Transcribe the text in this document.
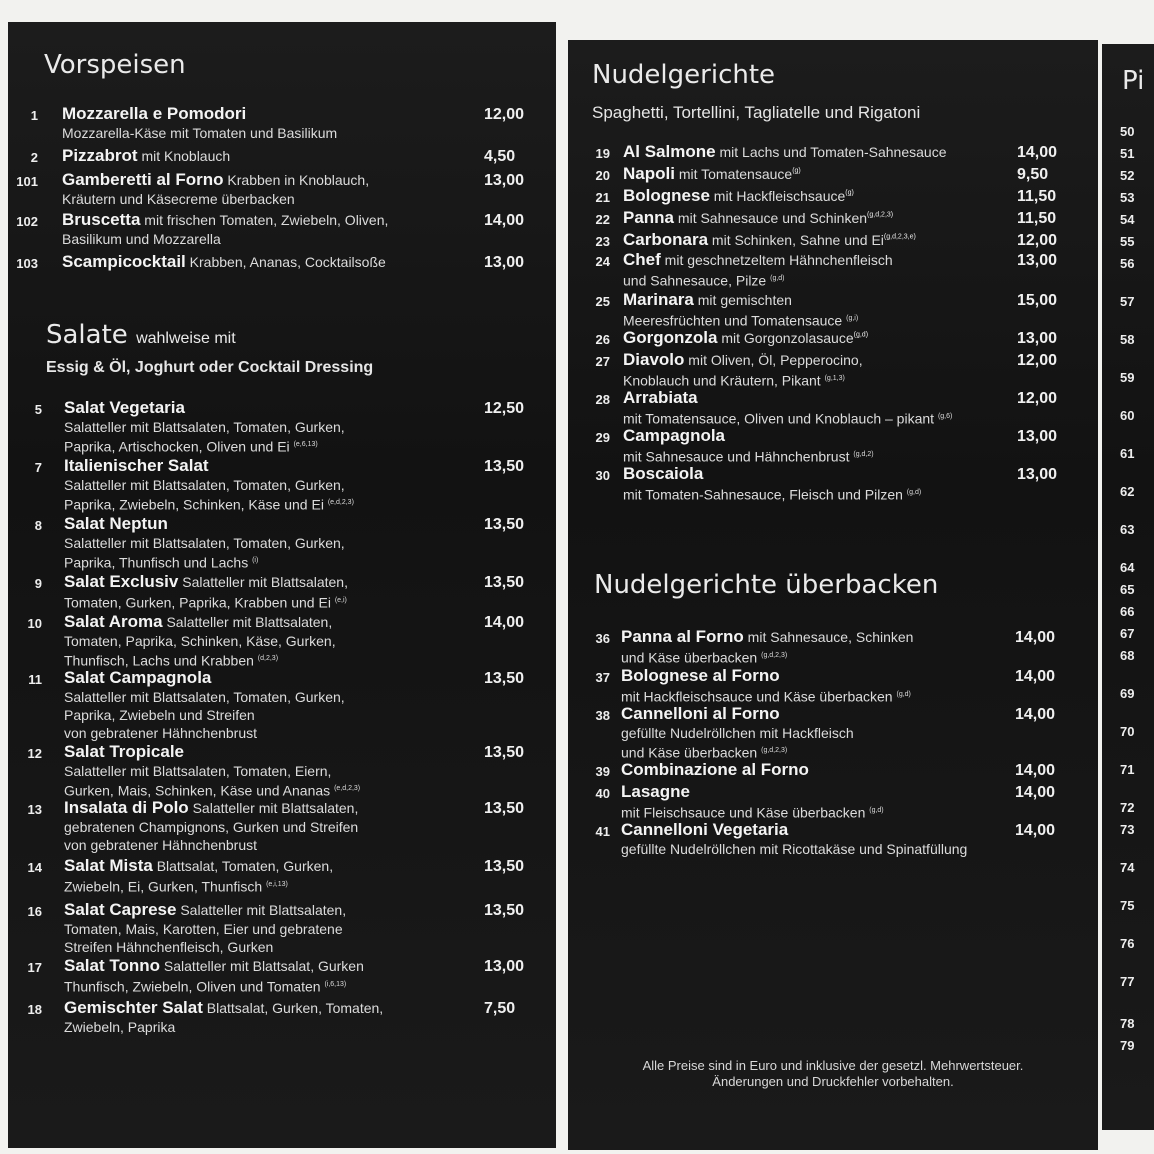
Vorspeisen
1 Mozzarella e Pomodori
Mozzarella-Käse mit Tomaten und Basilikum
12,00
2 Pizzabrot mit Knoblauch	4,50
101 Gamberetti al Forno Krabben in Knoblauch,
Kräutern und Käsecreme überbacken
13,00
102 Bruscetta mit frischen Tomaten, Zwiebeln, Oliven,
Basilikum und Mozzarella
14,00
103 Scampicocktail Krabben, Ananas, Cocktailsoße	13,00
Salate wahlweise mit
Essig & Öl, Joghurt oder Cocktail Dressing
5 Salat Vegetaria
Salatteller mit Blattsalaten, Tomaten, Gurken,
Paprika, Artischocken, Oliven und Ei $^{(e,6,13)}$
12,50
7 Italienischer Salat
Salatteller mit Blattsalaten, Tomaten, Gurken,
Paprika, Zwiebeln, Schinken, Käse und Ei $^{(e,d,2,3)}$
13,50
8 Salat Neptun
Salatteller mit Blattsalaten, Tomaten, Gurken,
Paprika, Thunfisch und Lachs $^{(i)}$
13,50
9 Salat Exclusiv Salatteller mit Blattsalaten,
Tomaten, Gurken, Paprika, Krabben und Ei $^{(e,i)}$
13,50
10 Salat Aroma Salatteller mit Blattsalaten,
Tomaten, Paprika, Schinken, Käse, Gurken,
Thunfisch, Lachs und Krabben $^{(d,2,3)}$
14,00
11 Salat Campagnola
Salatteller mit Blattsalaten, Tomaten, Gurken,
Paprika, Zwiebeln und Streifen
von gebratener Hähnchenbrust
13,50
12 Salat Tropicale
Salatteller mit Blattsalaten, Tomaten, Eiern,
Gurken, Mais, Schinken, Käse und Ananas $^{(e,d,2,3)}$
13,50
13 Insalata di Polo Salatteller mit Blattsalaten,
gebratenen Champignons, Gurken und Streifen
von gebratener Hähnchenbrust
13,50
14 Salat Mista Blattsalat, Tomaten, Gurken,
Zwiebeln, Ei, Gurken, Thunfisch $^{(e,i,13)}$
13,50
16 Salat Caprese Salatteller mit Blattsalaten,
Tomaten, Mais, Karotten, Eier und gebratene
Streifen Hähnchenfleisch, Gurken
13,50
17 Salat Tonno Salatteller mit Blattsalat, Gurken
Thunfisch, Zwiebeln, Oliven und Tomaten $^{(i,6,13)}$
13,00
18 Gemischter Salat Blattsalat, Gurken, Tomaten,
Zwiebeln, Paprika
7,50
Nudelgerichte
Spaghetti, Tortellini, Tagliatelle und Rigatoni
19 Al Salmone mit Lachs und Tomaten-Sahnesauce	14,00
20 Napoli mit Tomatensauce$^{(g)}$	9,50
21 Bolognese mit Hackfleischsauce$^{(g)}$	11,50
22 Panna mit Sahnesauce und Schinken$^{(g,d,2,3)}$	11,50
23 Carbonara mit Schinken, Sahne und Ei$^{(g,d,2,3,e)}$	12,00
24 Chef mit geschnetzeltem Hähnchenfleisch
und Sahnesauce, Pilze $^{(g,d)}$
13,00
25 Marinara mit gemischten
Meeresfrüchten und Tomatensauce $^{(g,i)}$
15,00
26 Gorgonzola mit Gorgonzolasauce$^{(g,d)}$	13,00
27 Diavolo mit Oliven, Öl, Pepperocino,
Knoblauch und Kräutern, Pikant $^{(g,1,3)}$
12,00
28 Arrabiata
mit Tomatensauce, Oliven und Knoblauch – pikant $^{(g,6)}$
12,00
29 Campagnola
mit Sahnesauce und Hähnchenbrust $^{(g,d,2)}$
13,00
30 Boscaiola
mit Tomaten-Sahnesauce, Fleisch und Pilzen $^{(g,d)}$
13,00
Nudelgerichte überbacken
36 Panna al Forno mit Sahnesauce, Schinken
und Käse überbacken $^{(g,d,2,3)}$
14,00
37 Bolognese al Forno
mit Hackfleischsauce und Käse überbacken $^{(g,d)}$
14,00
38 Cannelloni al Forno
gefüllte Nudelröllchen mit Hackfleisch
und Käse überbacken $^{(g,d,2,3)}$
14,00
39 Combinazione al Forno	14,00
40 Lasagne
mit Fleischsauce und Käse überbacken $^{(g,d)}$
14,00
41 Cannelloni Vegetaria
gefüllte Nudelröllchen mit Ricottakäse und Spinatfüllung
14,00
Alle Preise sind in Euro und inklusive der gesetzl. Mehrwertsteuer.
Änderungen und Druckfehler vorbehalten.
Pi
50
51
52
53
54
55
56
57
58
59
60
61
62
63
64
65
66
67
68
69
70
71
72
73
74
75
76
77
78
79
